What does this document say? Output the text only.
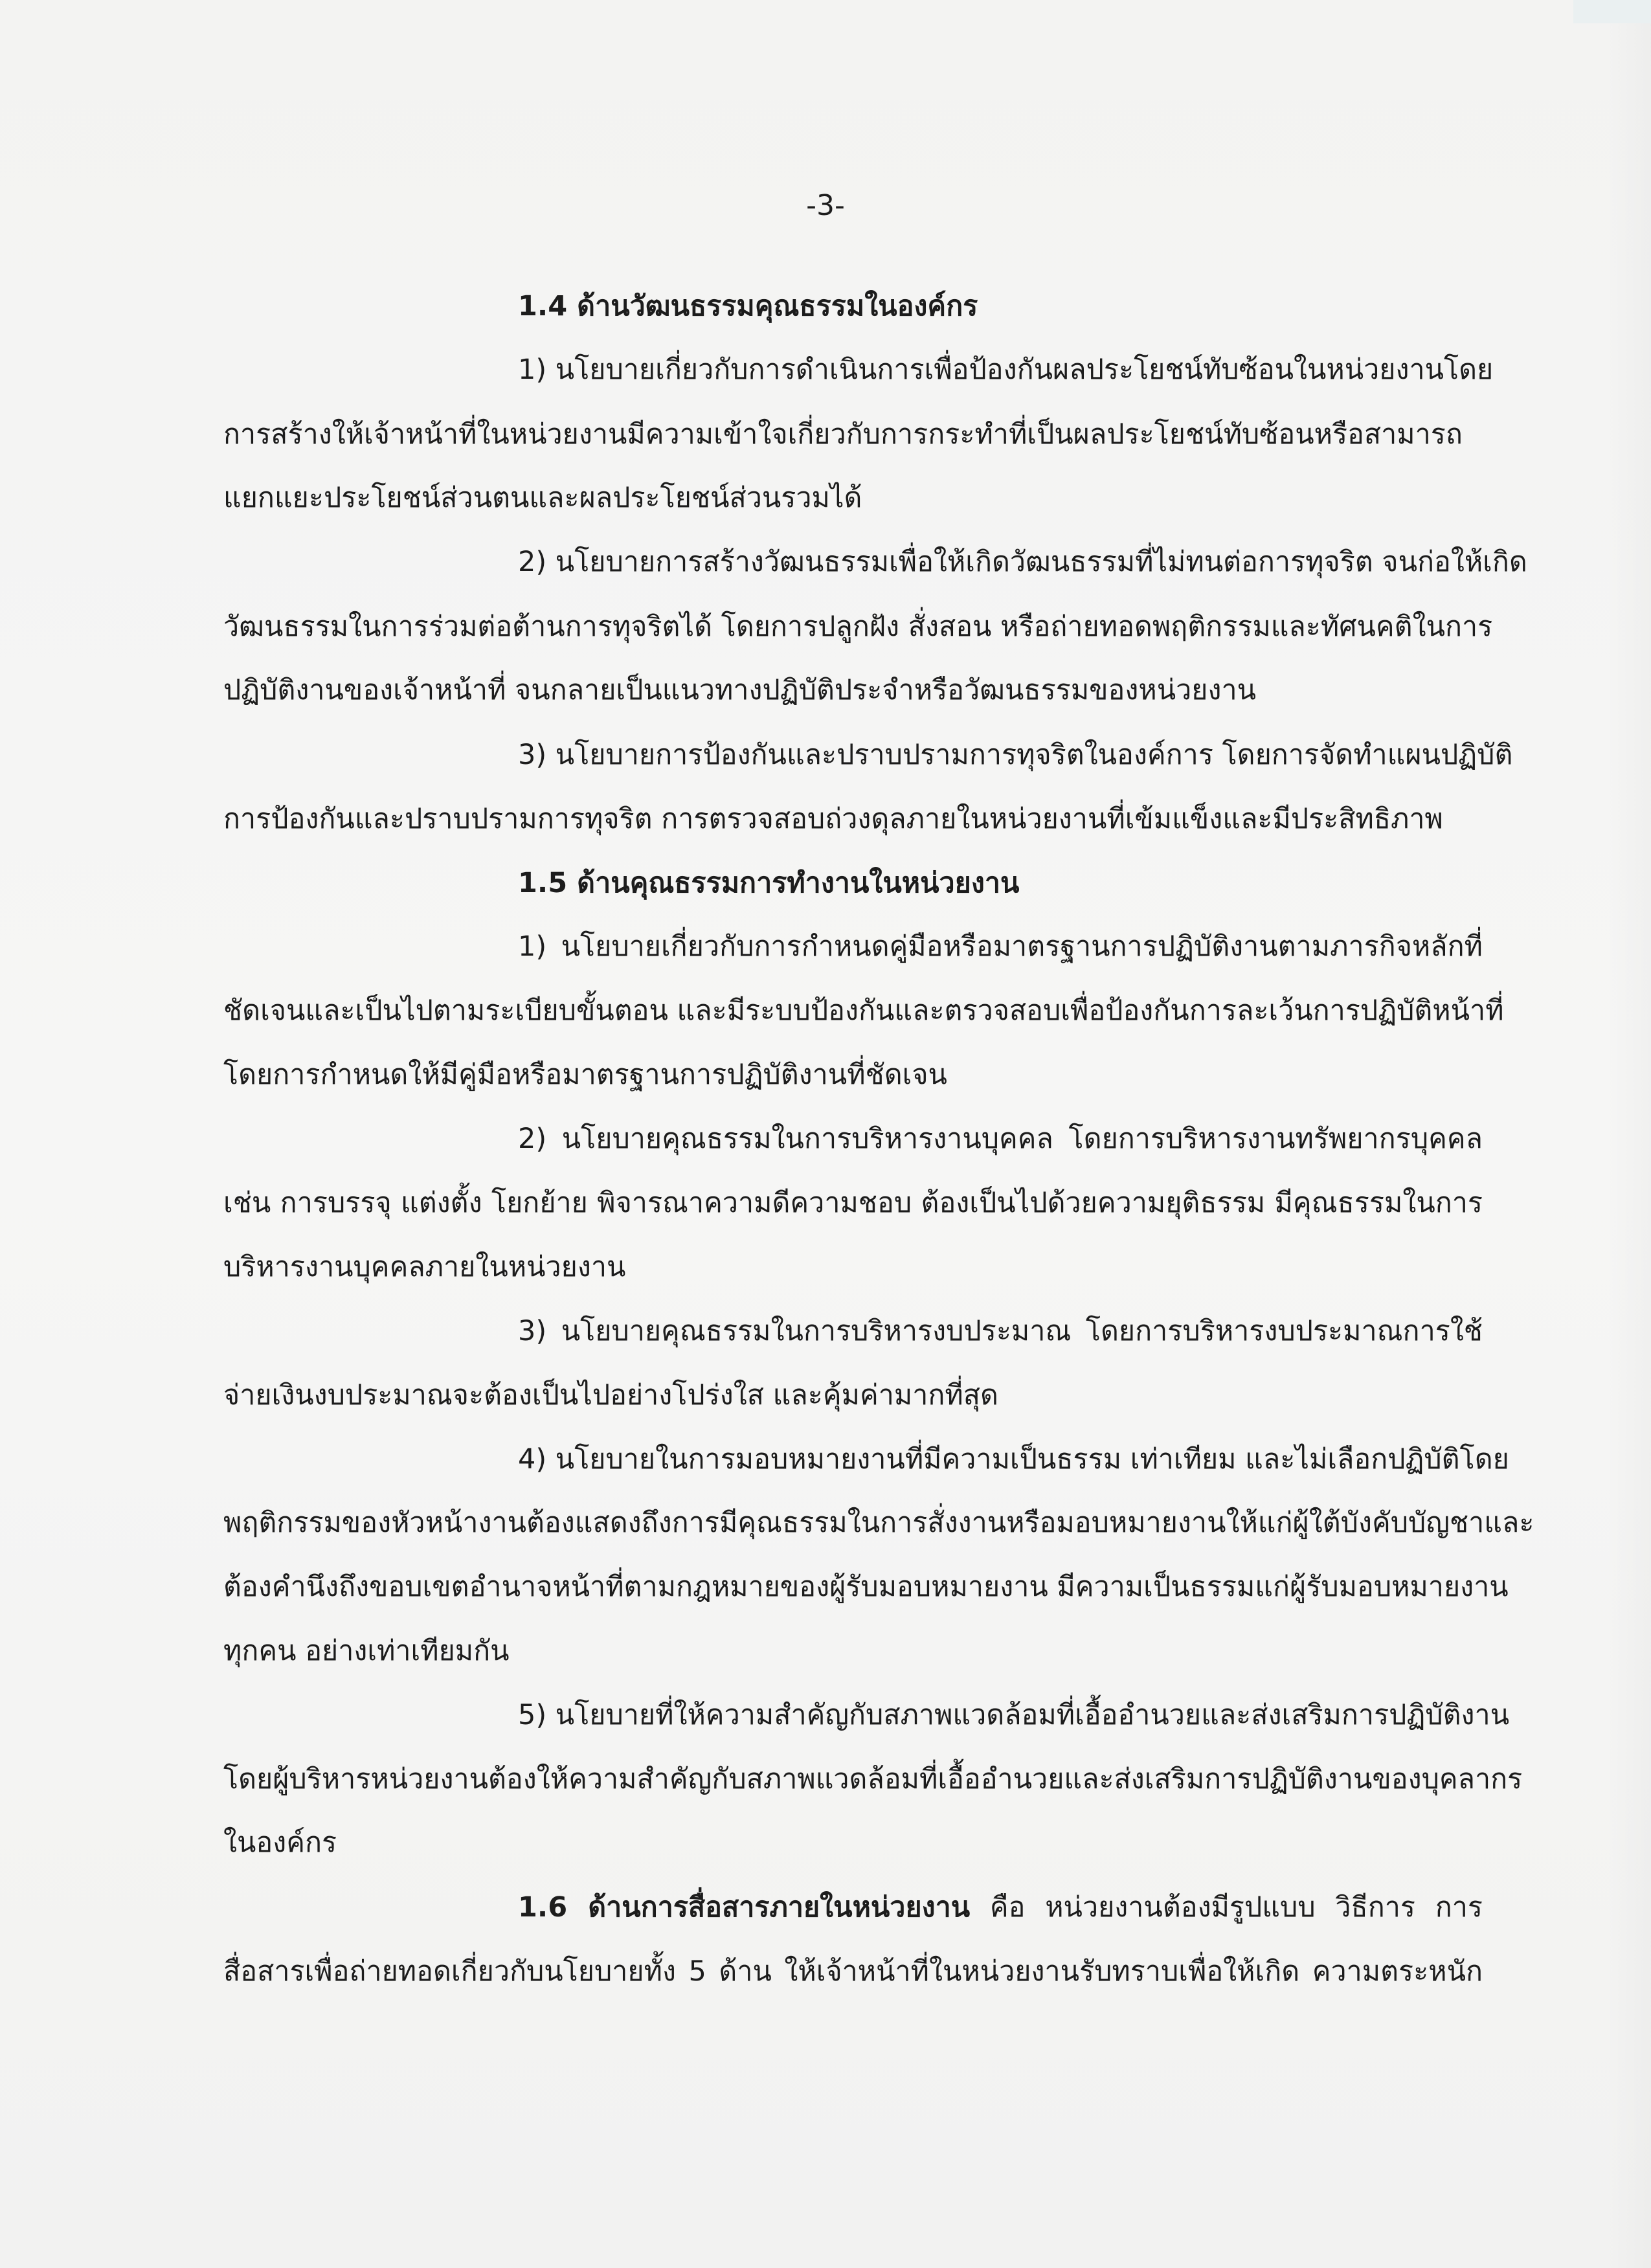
-3-
1.4 ด้านวัฒนธรรมคุณธรรมในองค์กร
1) นโยบายเกี่ยวกับการดำเนินการเพื่อป้องกันผลประโยชน์ทับซ้อนในหน่วยงานโดย
การสร้างให้เจ้าหน้าที่ในหน่วยงานมีความเข้าใจเกี่ยวกับการกระทำที่เป็นผลประโยชน์ทับซ้อนหรือสามารถ
แยกแยะประโยชน์ส่วนตนและผลประโยชน์ส่วนรวมได้
2) นโยบายการสร้างวัฒนธรรมเพื่อให้เกิดวัฒนธรรมที่ไม่ทนต่อการทุจริต จนก่อให้เกิด
วัฒนธรรมในการร่วมต่อต้านการทุจริตได้ โดยการปลูกฝัง สั่งสอน หรือถ่ายทอดพฤติกรรมและทัศนคติในการ
ปฏิบัติงานของเจ้าหน้าที่ จนกลายเป็นแนวทางปฏิบัติประจำหรือวัฒนธรรมของหน่วยงาน
3) นโยบายการป้องกันและปราบปรามการทุจริตในองค์การ โดยการจัดทำแผนปฏิบัติ
การป้องกันและปราบปรามการทุจริต การตรวจสอบถ่วงดุลภายในหน่วยงานที่เข้มแข็งและมีประสิทธิภาพ
1.5 ด้านคุณธรรมการทำงานในหน่วยงาน
1) นโยบายเกี่ยวกับการกำหนดคู่มือหรือมาตรฐานการปฏิบัติงานตามภารกิจหลักที่
ชัดเจนและเป็นไปตามระเบียบขั้นตอน และมีระบบป้องกันและตรวจสอบเพื่อป้องกันการละเว้นการปฏิบัติหน้าที่
โดยการกำหนดให้มีคู่มือหรือมาตรฐานการปฏิบัติงานที่ชัดเจน
2) นโยบายคุณธรรมในการบริหารงานบุคคล โดยการบริหารงานทรัพยากรบุคคล
เช่น การบรรจุ แต่งตั้ง โยกย้าย พิจารณาความดีความชอบ ต้องเป็นไปด้วยความยุติธรรม มีคุณธรรมในการ
บริหารงานบุคคลภายในหน่วยงาน
3) นโยบายคุณธรรมในการบริหารงบประมาณ โดยการบริหารงบประมาณการใช้
จ่ายเงินงบประมาณจะต้องเป็นไปอย่างโปร่งใส และคุ้มค่ามากที่สุด
4) นโยบายในการมอบหมายงานที่มีความเป็นธรรม เท่าเทียม และไม่เลือกปฏิบัติโดย
พฤติกรรมของหัวหน้างานต้องแสดงถึงการมีคุณธรรมในการสั่งงานหรือมอบหมายงานให้แก่ผู้ใต้บังคับบัญชาและ
ต้องคำนึงถึงขอบเขตอำนาจหน้าที่ตามกฎหมายของผู้รับมอบหมายงาน มีความเป็นธรรมแก่ผู้รับมอบหมายงาน
ทุกคน อย่างเท่าเทียมกัน
5) นโยบายที่ให้ความสำคัญกับสภาพแวดล้อมที่เอื้ออำนวยและส่งเสริมการปฏิบัติงาน
โดยผู้บริหารหน่วยงานต้องให้ความสำคัญกับสภาพแวดล้อมที่เอื้ออำนวยและส่งเสริมการปฏิบัติงานของบุคลากร
ในองค์กร
1.6 ด้านการสื่อสารภายในหน่วยงาน คือ หน่วยงานต้องมีรูปแบบ วิธีการ การ
สื่อสารเพื่อถ่ายทอดเกี่ยวกับนโยบายทั้ง 5 ด้าน ให้เจ้าหน้าที่ในหน่วยงานรับทราบเพื่อให้เกิด ความตระหนัก
